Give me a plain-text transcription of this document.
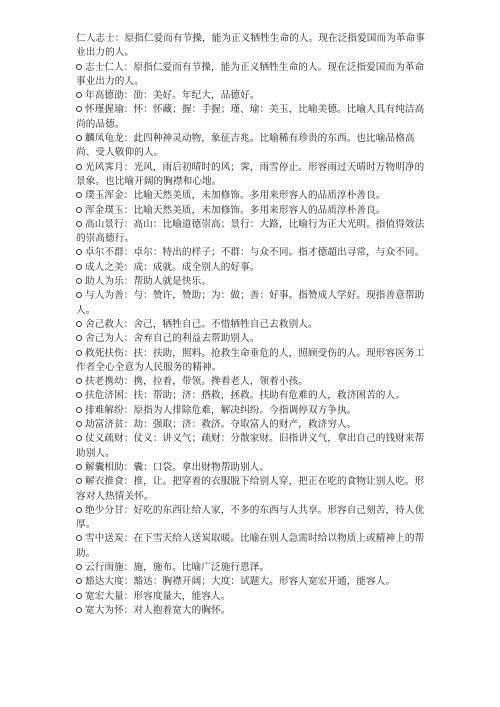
仁人志士：原指仁爱而有节操，能为正义牺牲生命的人。现在泛指爱国而为革命事业出力的人。

志士仁人：原指仁爱而有节操，能为正义牺牲生命的人。现在泛指爱国而为革命事业出力的人。

年高德劭：劭：美好。年纪大，品德好。

怀瑾握瑜：怀：怀藏；握：手握；瑾、瑜：美玉，比喻美德。比喻人具有纯洁高尚的品德。

麟凤龟龙：此四种神灵动物，象征吉兆。比喻稀有珍贵的东西。也比喻品格高尚、受人敬仰的人。

光风霁月：光风，雨后初晴时的风；霁，雨雪停止。形容雨过天晴时万物明净的景象。也比喻开阔的胸襟和心地。

璞玉浑金：比喻天然美质，未加修饰。多用来形容人的品质淳朴善良。

浑金璞玉：比喻天然美质，未加修饰。多用来形容人的品质淳朴善良。

高山景行：高山：比喻道德崇高；景行：大路，比喻行为正大光明。指值得效法的崇高德行。

卓尔不群：卓尔：特出的样子；不群：与众不同。指才德超出寻常，与众不同。

成人之美：成：成就。成全别人的好事。

助人为乐：帮助人就是快乐。

与人为善：与：赞许，赞助；为：做；善：好事。指赞成人学好。现指善意帮助人。

舍己救人：舍己，牺牲自己。不惜牺牲自己去救别人。

舍己为人：舍弃自己的利益去帮助别人。

救死扶伤：扶：扶助，照料。抢救生命垂危的人，照顾受伤的人。现形容医务工作者全心全意为人民服务的精神。

扶老携幼：携，拉着，带领。搀着老人，领着小孩。

扶危济困：扶：帮助；济：搭救，拯救。扶助有危难的人，救济困苦的人。

排难解纷：原指为人排除危难，解决纠纷。今指调停双方争执。

劫富济贫：劫：强取；济：救济。夺取富人的财产，救济穷人。

仗义疏财：仗义：讲义气；疏财：分散家财。旧指讲义气，拿出自己的钱财来帮助别人。

解囊相助：囊：口袋。拿出财物帮助别人。

解衣推食：推，让。把穿着的衣服脱下给别人穿，把正在吃的食物让别人吃。形容对人热情关怀。

绝少分甘：好吃的东西让给人家，不多的东西与人共享。形容自己刻苦，待人优厚。

雪中送炭：在下雪天给人送炭取暖。比喻在别人急需时给以物质上或精神上的帮助。

云行雨施：施，施布。比喻广泛施行恩泽。

豁达大度：豁达：胸襟开阔；大度：试题大。形容人宽宏开通，能容人。

宽宏大量：形容度量大，能容人。

宽大为怀：对人抱着宽大的胸怀。
